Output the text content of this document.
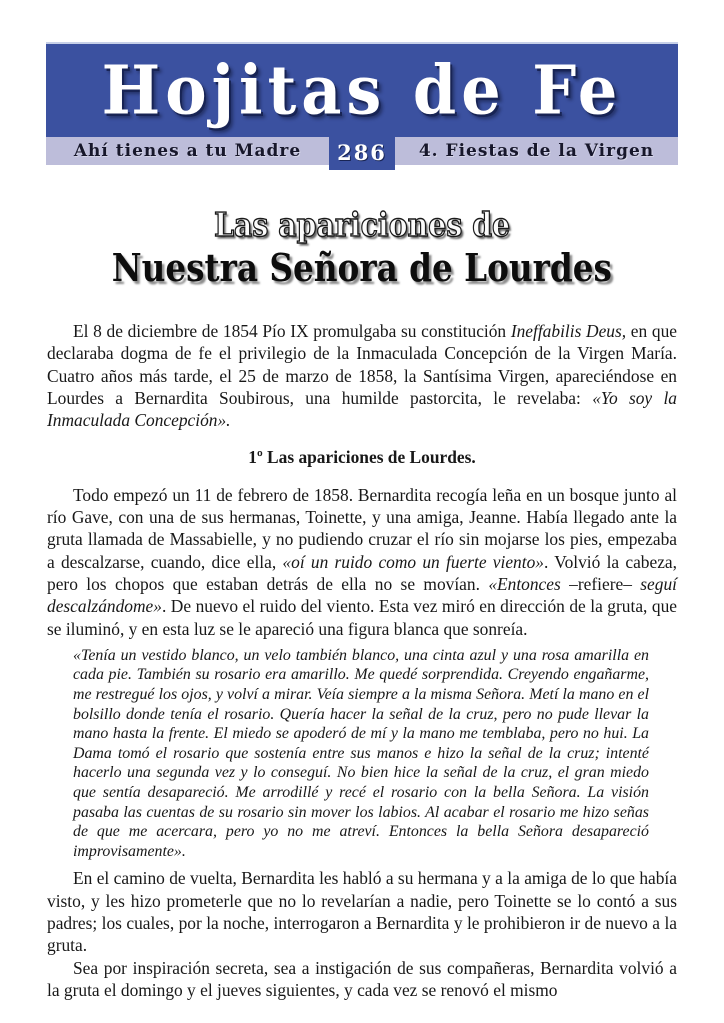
Hojitas de Fe
Ahí tienes a tu Madre	286	4. Fiestas de la Virgen
Las apariciones de
Nuestra Señora de Lourdes

El 8 de diciembre de 1854 Pío IX promulgaba su constitución Ineffabilis Deus, en que declaraba dogma de fe el privilegio de la Inmaculada Concepción de la Virgen María. Cuatro años más tarde, el 25 de marzo de 1858, la Santísima Virgen, apareciéndose en Lourdes a Bernardita Soubirous, una humilde pastorcita, le revelaba: «Yo soy la Inmaculada Concepción».

1º Las apariciones de Lourdes.

Todo empezó un 11 de febrero de 1858. Bernardita recogía leña en un bosque junto al río Gave, con una de sus hermanas, Toinette, y una amiga, Jeanne. Había llegado ante la gruta llamada de Massabielle, y no pudiendo cruzar el río sin mojarse los pies, empezaba a descalzarse, cuando, dice ella, «oí un ruido como un fuerte viento». Volvió la cabeza, pero los chopos que estaban detrás de ella no se movían. «Entonces –refiere– seguí descalzándome». De nuevo el ruido del viento. Esta vez miró en dirección de la gruta, que se iluminó, y en esta luz se le apareció una figura blanca que sonreía.

«Tenía un vestido blanco, un velo también blanco, una cinta azul y una rosa amarilla en cada pie. También su rosario era amarillo. Me quedé sorprendida. Creyendo engañarme, me restregué los ojos, y volví a mirar. Veía siempre a la misma Señora. Metí la mano en el bolsillo donde tenía el rosario. Quería hacer la señal de la cruz, pero no pude llevar la mano hasta la frente. El miedo se apoderó de mí y la mano me temblaba, pero no hui. La Dama tomó el rosario que sostenía entre sus manos e hizo la señal de la cruz; intenté hacerlo una segunda vez y lo conseguí. No bien hice la señal de la cruz, el gran miedo que sentía desapareció. Me arrodillé y recé el rosario con la bella Señora. La visión pasaba las cuentas de su rosario sin mover los labios. Al acabar el rosario me hizo señas de que me acercara, pero yo no me atreví. Entonces la bella Señora desapareció improvisamente».

En el camino de vuelta, Bernardita les habló a su hermana y a la amiga de lo que había visto, y les hizo prometerle que no lo revelarían a nadie, pero Toinette se lo contó a sus padres; los cuales, por la noche, interrogaron a Bernardita y le prohibieron ir de nuevo a la gruta.

Sea por inspiración secreta, sea a instigación de sus compañeras, Bernardita volvió a la gruta el domingo y el jueves siguientes, y cada vez se renovó el mismo
